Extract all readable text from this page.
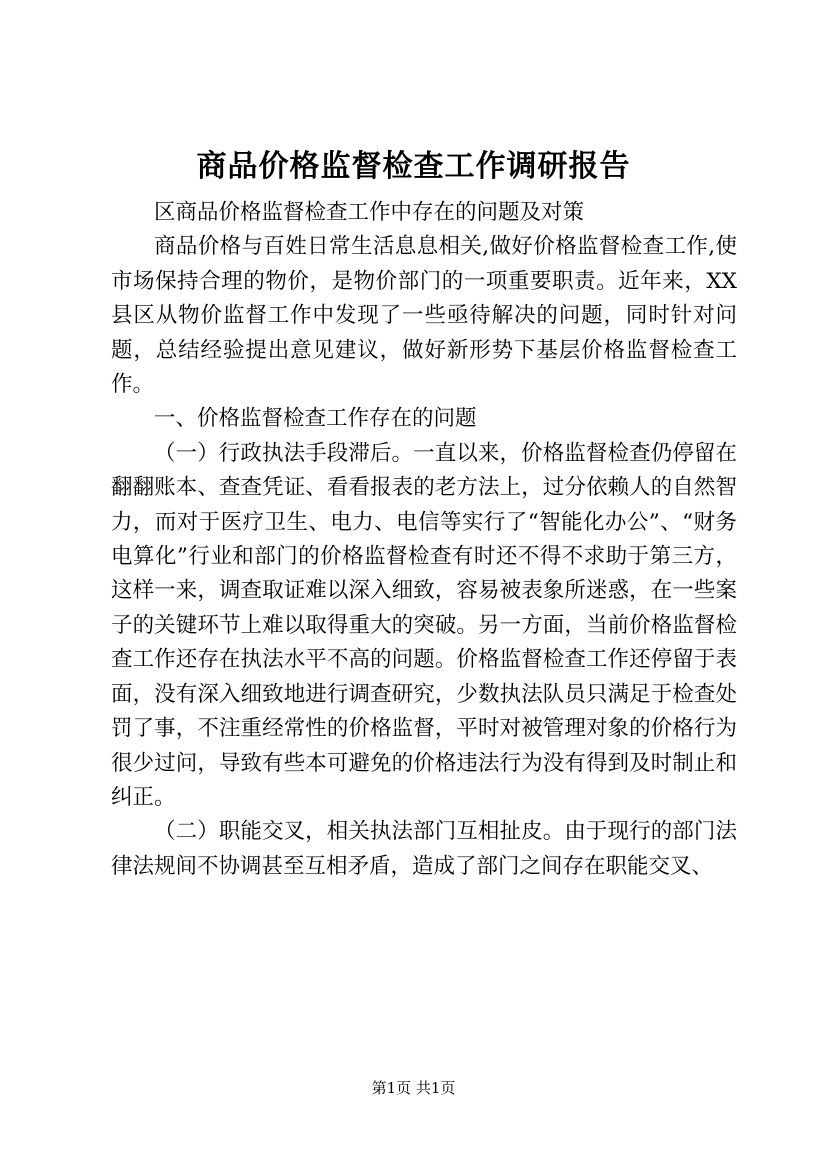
商品价格监督检查工作调研报告

区商品价格监督检查工作中存在的问题及对策

商品价格与百姓日常生活息息相关,做好价格监督检查工作,使市场保持合理的物价，是物价部门的一项重要职责。近年来，XX县区从物价监督工作中发现了一些亟待解决的问题，同时针对问题，总结经验提出意见建议，做好新形势下基层价格监督检查工作。

一、价格监督检查工作存在的问题

（一）行政执法手段滞后。一直以来，价格监督检查仍停留在翻翻账本、查查凭证、看看报表的老方法上，过分依赖人的自然智力，而对于医疗卫生、电力、电信等实行了“智能化办公”、“财务电算化”行业和部门的价格监督检查有时还不得不求助于第三方，这样一来，调查取证难以深入细致，容易被表象所迷惑，在一些案子的关键环节上难以取得重大的突破。另一方面，当前价格监督检查工作还存在执法水平不高的问题。价格监督检查工作还停留于表面，没有深入细致地进行调查研究，少数执法队员只满足于检查处罚了事，不注重经常性的价格监督，平时对被管理对象的价格行为很少过问，导致有些本可避免的价格违法行为没有得到及时制止和纠正。

（二）职能交叉，相关执法部门互相扯皮。由于现行的部门法律法规间不协调甚至互相矛盾，造成了部门之间存在职能交叉、

第1页 共1页
